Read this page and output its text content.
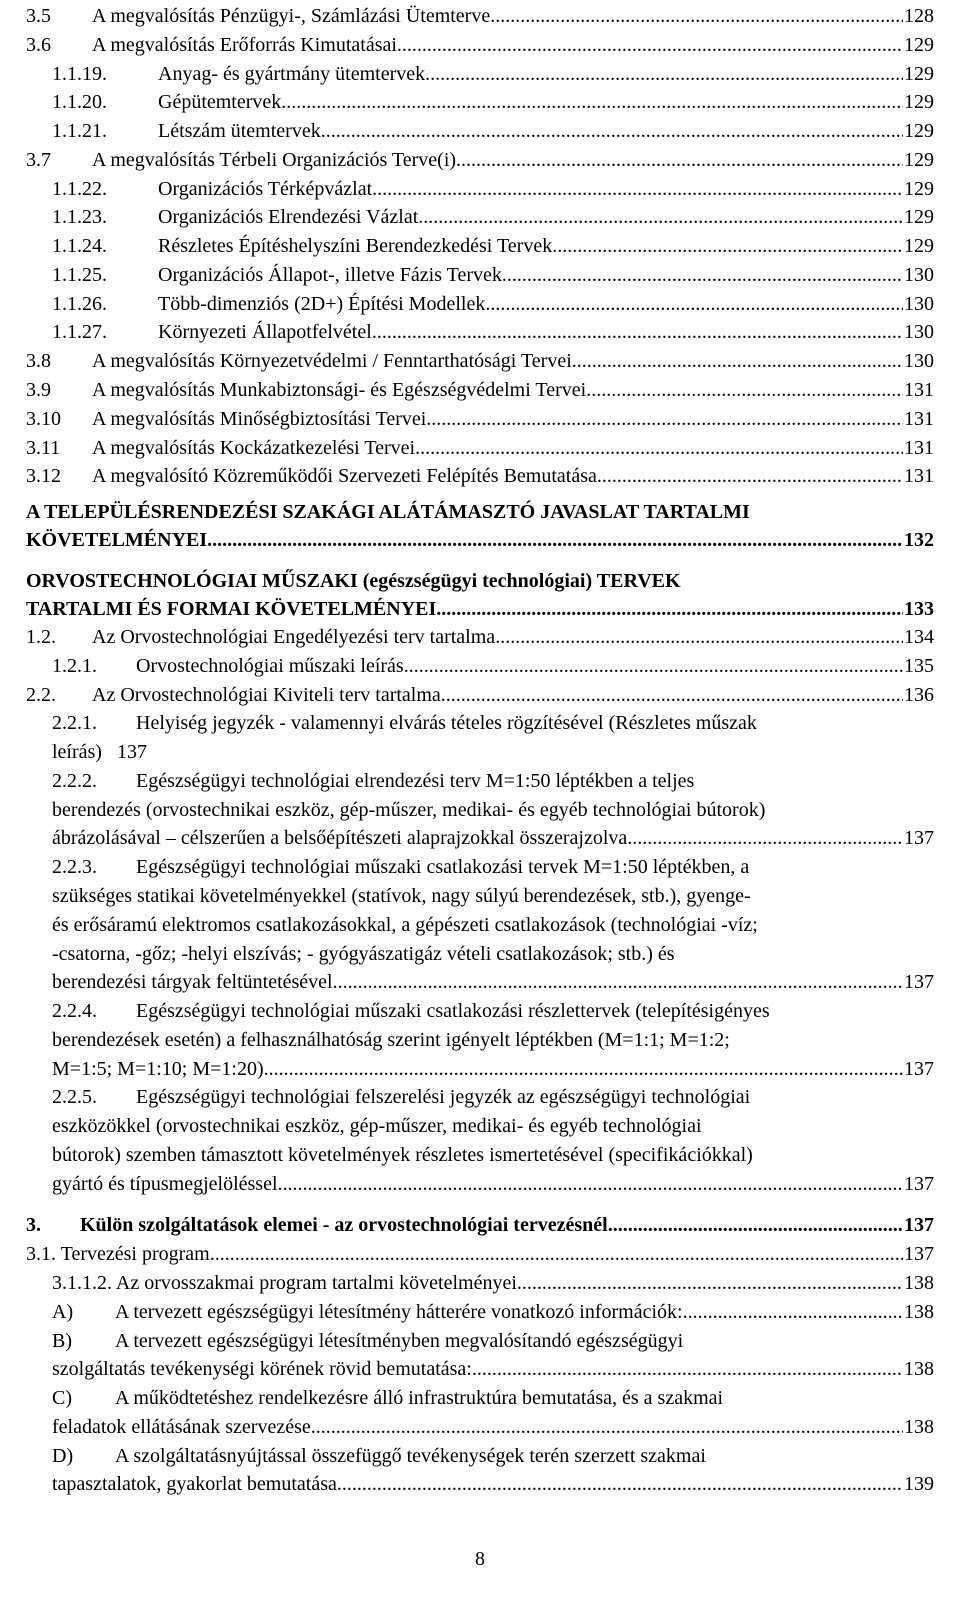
3.5 A megvalósítás Pénzügyi-, Számlázási Ütemterve .....	128
3.6 A megvalósítás Erőforrás Kimutatásai .....	129
1.1.19.	Anyag- és gyártmány ütemtervek .....	129
1.1.20.	Gépütemtervek .....	129
1.1.21.	Létszám ütemtervek .....	129
3.7 A megvalósítás Térbeli Organizációs Terve(i) .....	129
1.1.22.	Organizációs Térképvázlat .....	129
1.1.23.	Organizációs Elrendezési Vázlat .....	129
1.1.24.	Részletes Építéshelyszíni Berendezkedési Tervek .....	129
1.1.25.	Organizációs Állapot-, illetve Fázis Tervek .....	130
1.1.26.	Több-dimenziós (2D+) Építési Modellek .....	130
1.1.27.	Környezeti Állapotfelvétel .....	130
3.8 A megvalósítás Környezetvédelmi / Fenntarthatósági Tervei .....	130
3.9 A megvalósítás Munkabiztonsági- és Egészségvédelmi Tervei .....	131
3.10 A megvalósítás Minőségbiztosítási Tervei .....	131
3.11 A megvalósítás Kockázatkezelési Tervei .....	131
3.12 A megvalósító Közreműködői Szervezeti Felépítés Bemutatása .....	131
A TELEPÜLÉSRENDEZÉSI SZAKÁGI ALÁTÁMASZTÓ JAVASLAT TARTALMI
KÖVETELMÉNYEI .....	132
ORVOSTECHNOLÓGIAI MŰSZAKI (egészségügyi technológiai) TERVEK
TARTALMI ÉS FORMAI KÖVETELMÉNYEI .....	133
1.2. Az Orvostechnológiai Engedélyezési terv tartalma .....	134
1.2.1. Orvostechnológiai műszaki leírás .....	135
2.2. Az Orvostechnológiai Kiviteli terv tartalma .....	136
2.2.1. Helyiség jegyzék - valamennyi elvárás tételes rögzítésével (Részletes műszak
leírás) 137
2.2.2. Egészségügyi technológiai elrendezési terv M=1:50 léptékben a teljes
berendezés (orvostechnikai eszköz, gép-műszer, medikai- és egyéb technológiai bútorok)
ábrázolásával – célszerűen a belsőépítészeti alaprajzokkal összerajzolva .....	137
2.2.3. Egészségügyi technológiai műszaki csatlakozási tervek M=1:50 léptékben, a
szükséges statikai követelményekkel (statívok, nagy súlyú berendezések, stb.), gyenge-
és erősáramú elektromos csatlakozásokkal, a gépészeti csatlakozások (technológiai -víz;
-csatorna, -gőz; -helyi elszívás; - gyógyászatigáz vételi csatlakozások; stb.) és
berendezési tárgyak feltüntetésével .....	137
2.2.4. Egészségügyi technológiai műszaki csatlakozási részlettervek (telepítésigényes
berendezések esetén) a felhasználhatóság szerint igényelt léptékben (M=1:1; M=1:2;
M=1:5; M=1:10; M=1:20) .....	137
2.2.5. Egészségügyi technológiai felszerelési jegyzék az egészségügyi technológiai
eszközökkel (orvostechnikai eszköz, gép-műszer, medikai- és egyéb technológiai
bútorok) szemben támasztott követelmények részletes ismertetésével (specifikációkkal)
gyártó és típusmegjelöléssel .....	137
3. Külön szolgáltatások elemei - az orvostechnológiai tervezésnél .....	137
3.1. Tervezési program .....	137
3.1.1.2. Az orvosszakmai program tartalmi követelményei .....	138
A) A tervezett egészségügyi létesítmény hátterére vonatkozó információk: .....	138
B) A tervezett egészségügyi létesítményben megvalósítandó egészségügyi
szolgáltatás tevékenységi körének rövid bemutatása: .....	138
C) A működtetéshez rendelkezésre álló infrastruktúra bemutatása, és a szakmai
feladatok ellátásának szervezése. .....	138
D) A szolgáltatásnyújtással összefüggő tevékenységek terén szerzett szakmai
tapasztalatok, gyakorlat bemutatása. .....	139
8
